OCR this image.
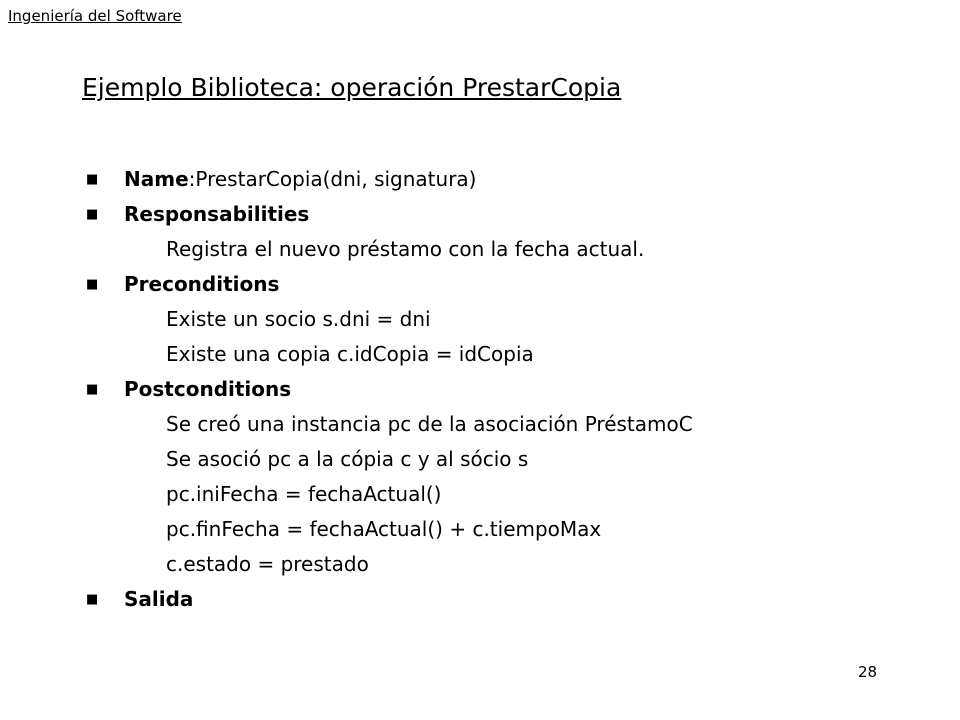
Ingeniería del Software
Ejemplo Biblioteca: operación PrestarCopia
■ Name:PrestarCopia(dni, signatura)
■ Responsabilities
Registra el nuevo préstamo con la fecha actual.
■ Preconditions
Existe un socio s.dni = dni
Existe una copia c.idCopia = idCopia
■ Postconditions
Se creó una instancia pc de la asociación PréstamoC
Se asoció pc a la cópia c y al sócio s
pc.iniFecha = fechaActual()
pc.finFecha = fechaActual() + c.tiempoMax
c.estado = prestado
■ Salida
28
